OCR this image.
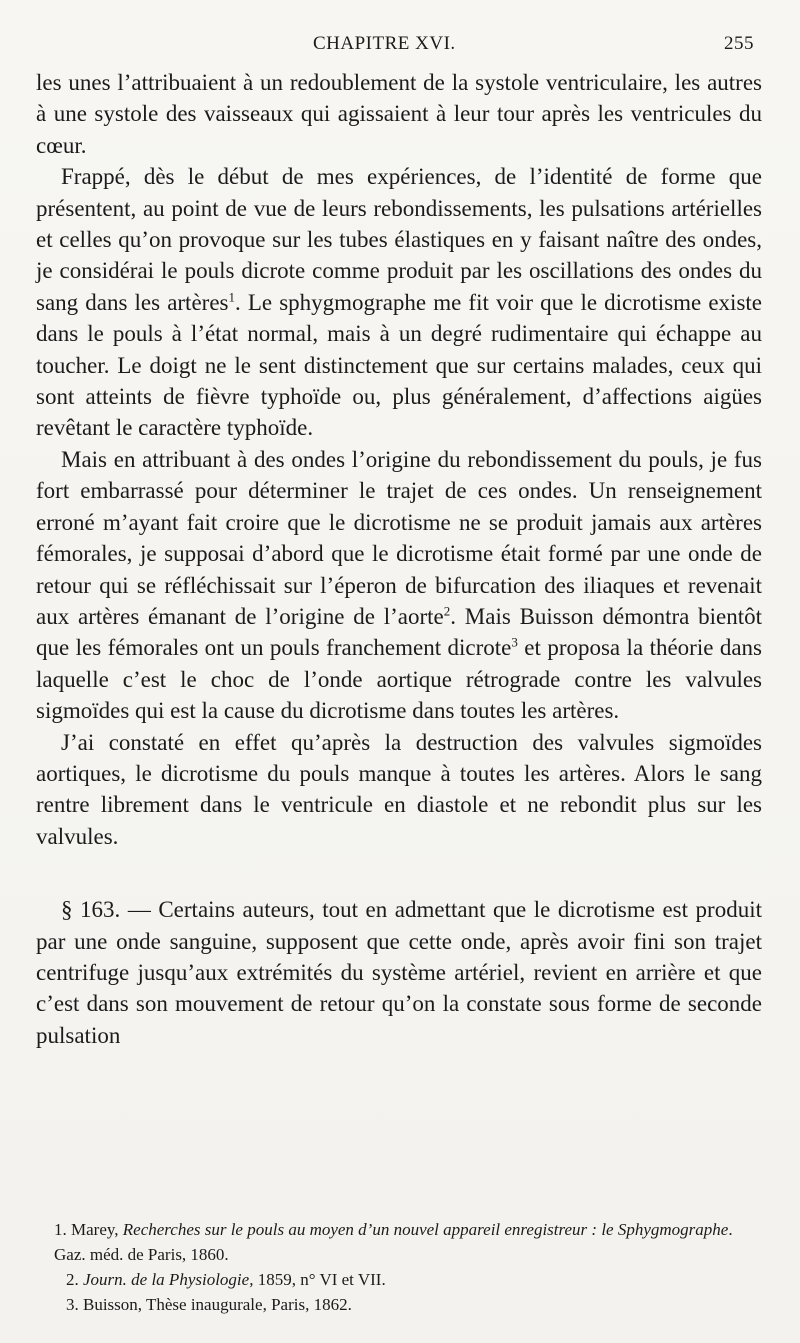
CHAPITRE XVI.	255

les unes l’attribuaient à un redoublement de la systole ventriculaire, les autres à une systole des vaisseaux qui agissaient à leur tour après les ventricules du cœur.

Frappé, dès le début de mes expériences, de l’identité de forme que présentent, au point de vue de leurs rebondissements, les pulsations artérielles et celles qu’on provoque sur les tubes élastiques en y faisant naître des ondes, je considérai le pouls dicrote comme produit par les oscillations des ondes du sang dans les artères$^1$. Le sphygmographe me fit voir que le dicrotisme existe dans le pouls à l’état normal, mais à un degré rudimentaire qui échappe au toucher. Le doigt ne le sent distinctement que sur certains malades, ceux qui sont atteints de fièvre typhoïde ou, plus généralement, d’affections aigües revêtant le caractère typhoïde.

Mais en attribuant à des ondes l’origine du rebondissement du pouls, je fus fort embarrassé pour déterminer le trajet de ces ondes. Un renseignement erroné m’ayant fait croire que le dicrotisme ne se produit jamais aux artères fémorales, je supposai d’abord que le dicrotisme était formé par une onde de retour qui se réfléchissait sur l’éperon de bifurcation des iliaques et revenait aux artères émanant de l’origine de l’aorte$^2$. Mais Buisson démontra bientôt que les fémorales ont un pouls franchement dicrote$^3$ et proposa la théorie dans laquelle c’est le choc de l’onde aortique rétrograde contre les valvules sigmoïdes qui est la cause du dicrotisme dans toutes les artères.

J’ai constaté en effet qu’après la destruction des valvules sigmoïdes aortiques, le dicrotisme du pouls manque à toutes les artères. Alors le sang rentre librement dans le ventricule en diastole et ne rebondit plus sur les valvules.

§ 163. — Certains auteurs, tout en admettant que le dicrotisme est produit par une onde sanguine, supposent que cette onde, après avoir fini son trajet centrifuge jusqu’aux extrémités du système artériel, revient en arrière et que c’est dans son mouvement de retour qu’on la constate sous forme de seconde pulsation

1. Marey, Recherches sur le pouls au moyen d’un nouvel appareil enregistreur : le Sphygmographe. Gaz. méd. de Paris, 1860.

2. Journ. de la Physiologie, 1859, n° VI et VII.

3. Buisson, Thèse inaugurale, Paris, 1862.
